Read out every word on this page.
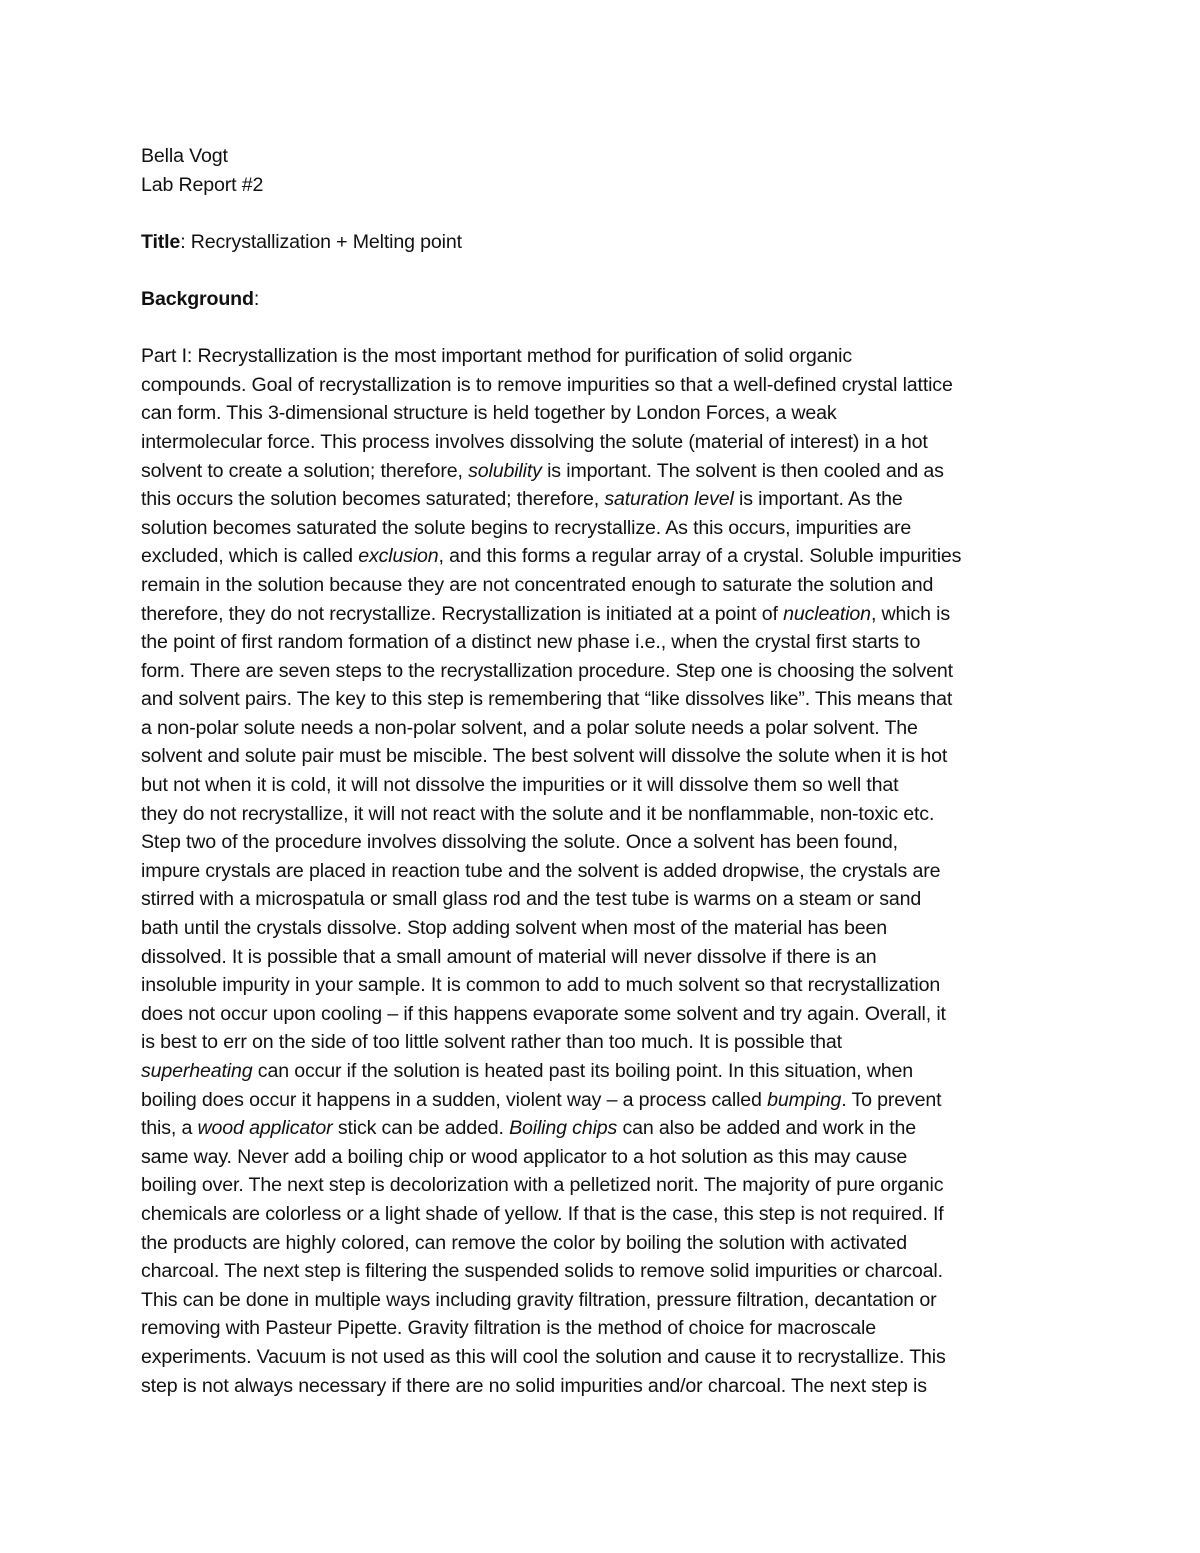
Bella Vogt
Lab Report #2
Title: Recrystallization + Melting point
Background:
Part I: Recrystallization is the most important method for purification of solid organic
compounds. Goal of recrystallization is to remove impurities so that a well-defined crystal lattice
can form. This 3-dimensional structure is held together by London Forces, a weak
intermolecular force. This process involves dissolving the solute (material of interest) in a hot
solvent to create a solution; therefore, solubility is important. The solvent is then cooled and as
this occurs the solution becomes saturated; therefore, saturation level is important. As the
solution becomes saturated the solute begins to recrystallize. As this occurs, impurities are
excluded, which is called exclusion, and this forms a regular array of a crystal. Soluble impurities
remain in the solution because they are not concentrated enough to saturate the solution and
therefore, they do not recrystallize. Recrystallization is initiated at a point of nucleation, which is
the point of first random formation of a distinct new phase i.e., when the crystal first starts to
form. There are seven steps to the recrystallization procedure. Step one is choosing the solvent
and solvent pairs. The key to this step is remembering that “like dissolves like”. This means that
a non-polar solute needs a non-polar solvent, and a polar solute needs a polar solvent. The
solvent and solute pair must be miscible. The best solvent will dissolve the solute when it is hot
but not when it is cold, it will not dissolve the impurities or it will dissolve them so well that
they do not recrystallize, it will not react with the solute and it be nonflammable, non-toxic etc.
Step two of the procedure involves dissolving the solute. Once a solvent has been found,
impure crystals are placed in reaction tube and the solvent is added dropwise, the crystals are
stirred with a microspatula or small glass rod and the test tube is warms on a steam or sand
bath until the crystals dissolve. Stop adding solvent when most of the material has been
dissolved. It is possible that a small amount of material will never dissolve if there is an
insoluble impurity in your sample. It is common to add to much solvent so that recrystallization
does not occur upon cooling – if this happens evaporate some solvent and try again. Overall, it
is best to err on the side of too little solvent rather than too much. It is possible that
superheating can occur if the solution is heated past its boiling point. In this situation, when
boiling does occur it happens in a sudden, violent way – a process called bumping. To prevent
this, a wood applicator stick can be added. Boiling chips can also be added and work in the
same way. Never add a boiling chip or wood applicator to a hot solution as this may cause
boiling over. The next step is decolorization with a pelletized norit. The majority of pure organic
chemicals are colorless or a light shade of yellow. If that is the case, this step is not required. If
the products are highly colored, can remove the color by boiling the solution with activated
charcoal. The next step is filtering the suspended solids to remove solid impurities or charcoal.
This can be done in multiple ways including gravity filtration, pressure filtration, decantation or
removing with Pasteur Pipette. Gravity filtration is the method of choice for macroscale
experiments. Vacuum is not used as this will cool the solution and cause it to recrystallize. This
step is not always necessary if there are no solid impurities and/or charcoal. The next step is
